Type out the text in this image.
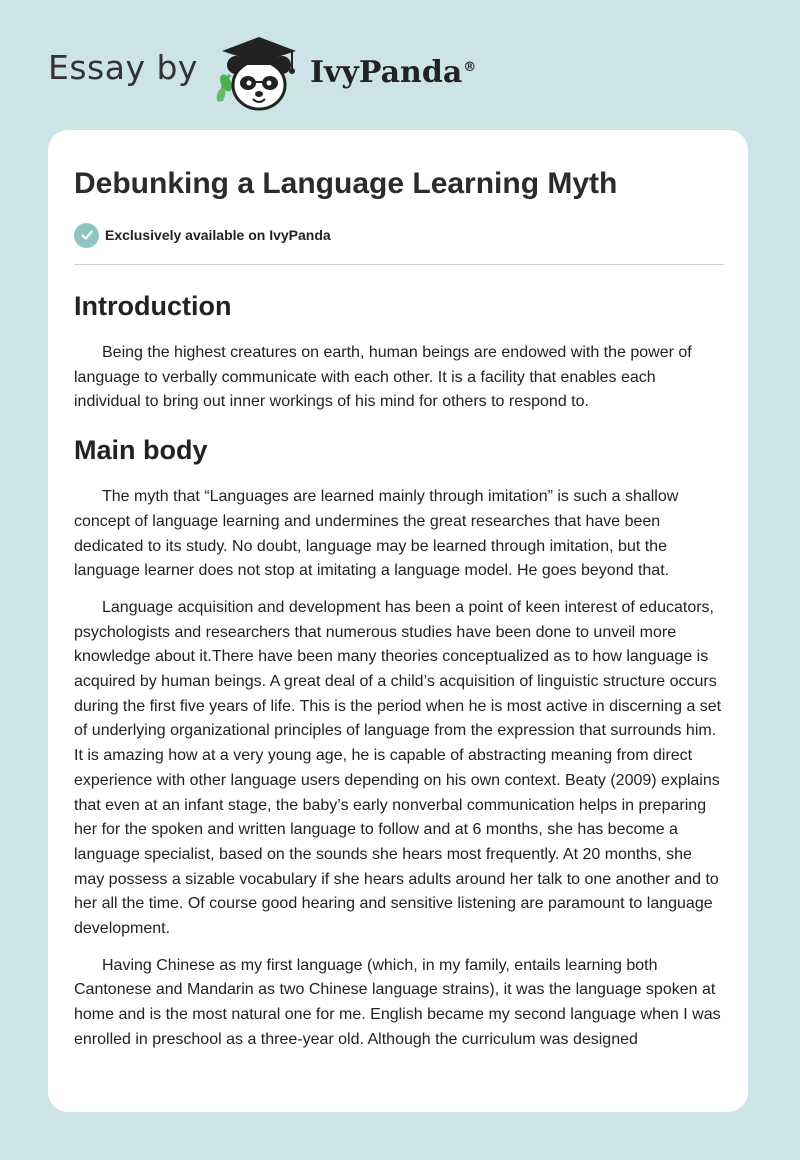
Essay by	IvyPanda®
Debunking a Language Learning Myth
Exclusively available on IvyPanda
Introduction

Being the highest creatures on earth, human beings are endowed with the power of language to verbally communicate with each other. It is a facility that enables each individual to bring out inner workings of his mind for others to respond to.

Main body

The myth that “Languages are learned mainly through imitation” is such a shallow concept of language learning and undermines the great researches that have been dedicated to its study. No doubt, language may be learned through imitation, but the language learner does not stop at imitating a language model. He goes beyond that.

Language acquisition and development has been a point of keen interest of educators, psychologists and researchers that numerous studies have been done to unveil more knowledge about it.There have been many theories conceptualized as to how language is acquired by human beings. A great deal of a child’s acquisition of linguistic structure occurs during the first five years of life. This is the period when he is most active in discerning a set of underlying organizational principles of language from the expression that surrounds him. It is amazing how at a very young age, he is capable of abstracting meaning from direct experience with other language users depending on his own context. Beaty (2009) explains that even at an infant stage, the baby’s early nonverbal communication helps in preparing her for the spoken and written language to follow and at 6 months, she has become a language specialist, based on the sounds she hears most frequently. At 20 months, she may possess a sizable vocabulary if she hears adults around her talk to one another and to her all the time. Of course good hearing and sensitive listening are paramount to language development.

Having Chinese as my first language (which, in my family, entails learning both Cantonese and Mandarin as two Chinese language strains), it was the language spoken at home and is the most natural one for me. English became my second language when I was enrolled in preschool as a three-year old. Although the curriculum was designed
